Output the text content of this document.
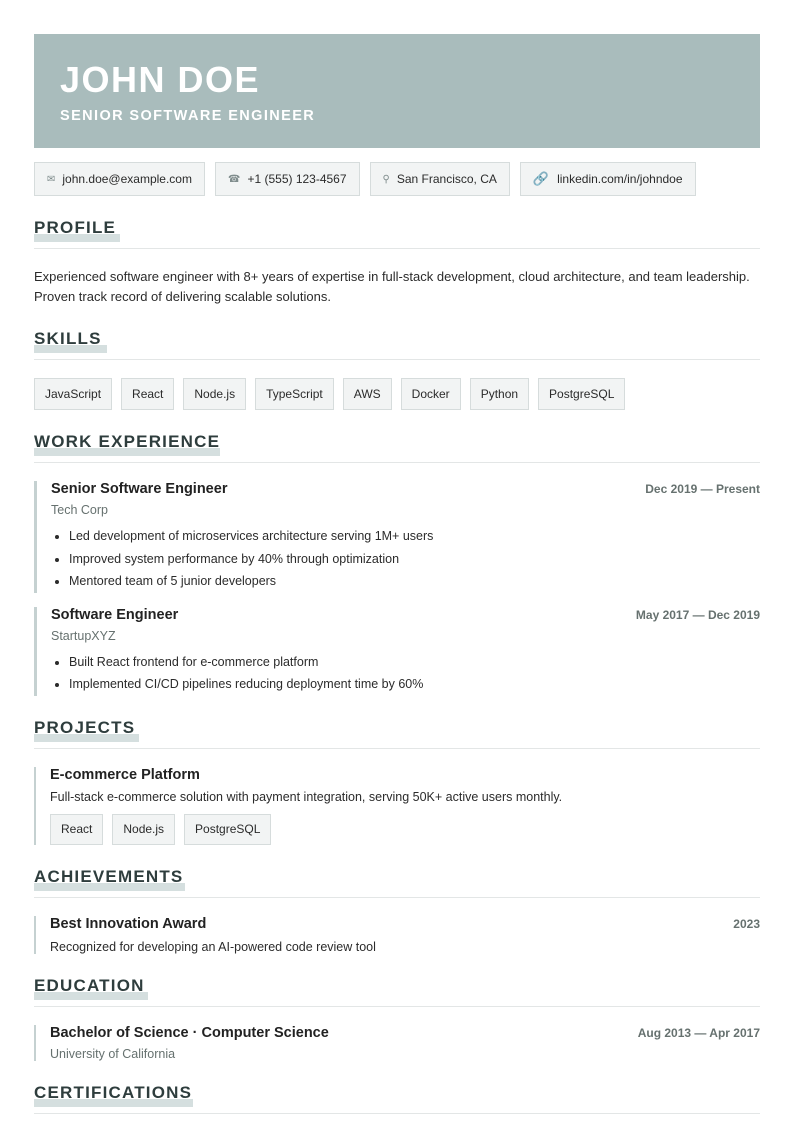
JOHN DOE
SENIOR SOFTWARE ENGINEER
✉ john.doe@example.com	☎ +1 (555) 123-4567	⚲ San Francisco, CA	🔗 linkedin.com/in/johndoe
PROFILE
Experienced software engineer with 8+ years of expertise in full-stack development, cloud architecture, and team leadership. Proven track record of delivering scalable solutions.
SKILLS
JavaScript	React	Node.js	TypeScript	AWS	Docker	Python	PostgreSQL
WORK EXPERIENCE
Senior Software Engineer	Dec 2019 — Present
Tech Corp
• Led development of microservices architecture serving 1M+ users
• Improved system performance by 40% through optimization
• Mentored team of 5 junior developers
Software Engineer	May 2017 — Dec 2019
StartupXYZ
• Built React frontend for e-commerce platform
• Implemented CI/CD pipelines reducing deployment time by 60%
PROJECTS
E-commerce Platform
Full-stack e-commerce solution with payment integration, serving 50K+ active users monthly.
React	Node.js	PostgreSQL
ACHIEVEMENTS
Best Innovation Award	2023
Recognized for developing an AI-powered code review tool
EDUCATION
Bachelor of Science · Computer Science	Aug 2013 — Apr 2017
University of California
CERTIFICATIONS
